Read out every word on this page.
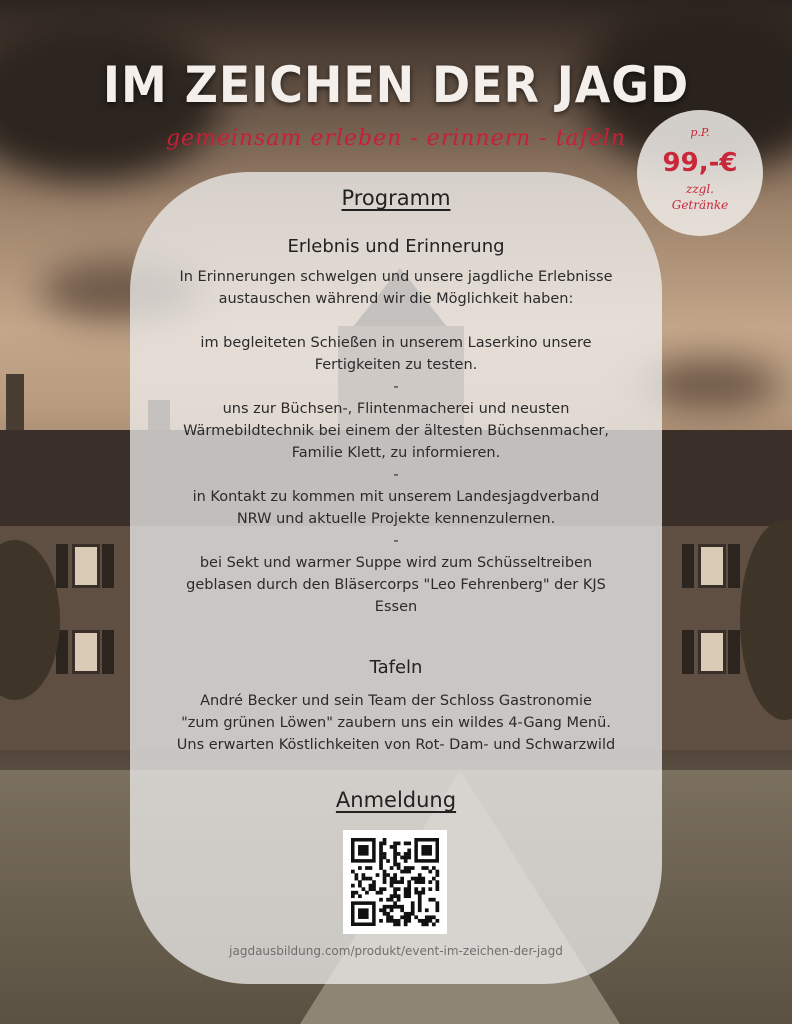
IM ZEICHEN DER JAGD
gemeinsam erleben - erinnern - tafeln	p.P.
99,-€
zzgl.
Getränke
Programm
Erlebnis und Erinnerung
In Erinnerungen schwelgen und unsere jagdliche Erlebnisse
austauschen während wir die Möglichkeit haben:
im begleiteten Schießen in unserem Laserkino unsere
Fertigkeiten zu testen.
-
uns zur Büchsen-, Flintenmacherei und neusten
Wärmebildtechnik bei einem der ältesten Büchsenmacher,
Familie Klett, zu informieren.
-
in Kontakt zu kommen mit unserem Landesjagdverband
NRW und aktuelle Projekte kennenzulernen.
-
bei Sekt und warmer Suppe wird zum Schüsseltreiben
geblasen durch den Bläsercorps "Leo Fehrenberg" der KJS
Essen
Tafeln
André Becker und sein Team der Schloss Gastronomie
"zum grünen Löwen" zaubern uns ein wildes 4-Gang Menü.
Uns erwarten Köstlichkeiten von Rot- Dam- und Schwarzwild
Anmeldung
jagdausbildung.com/produkt/event-im-zeichen-der-jagd
